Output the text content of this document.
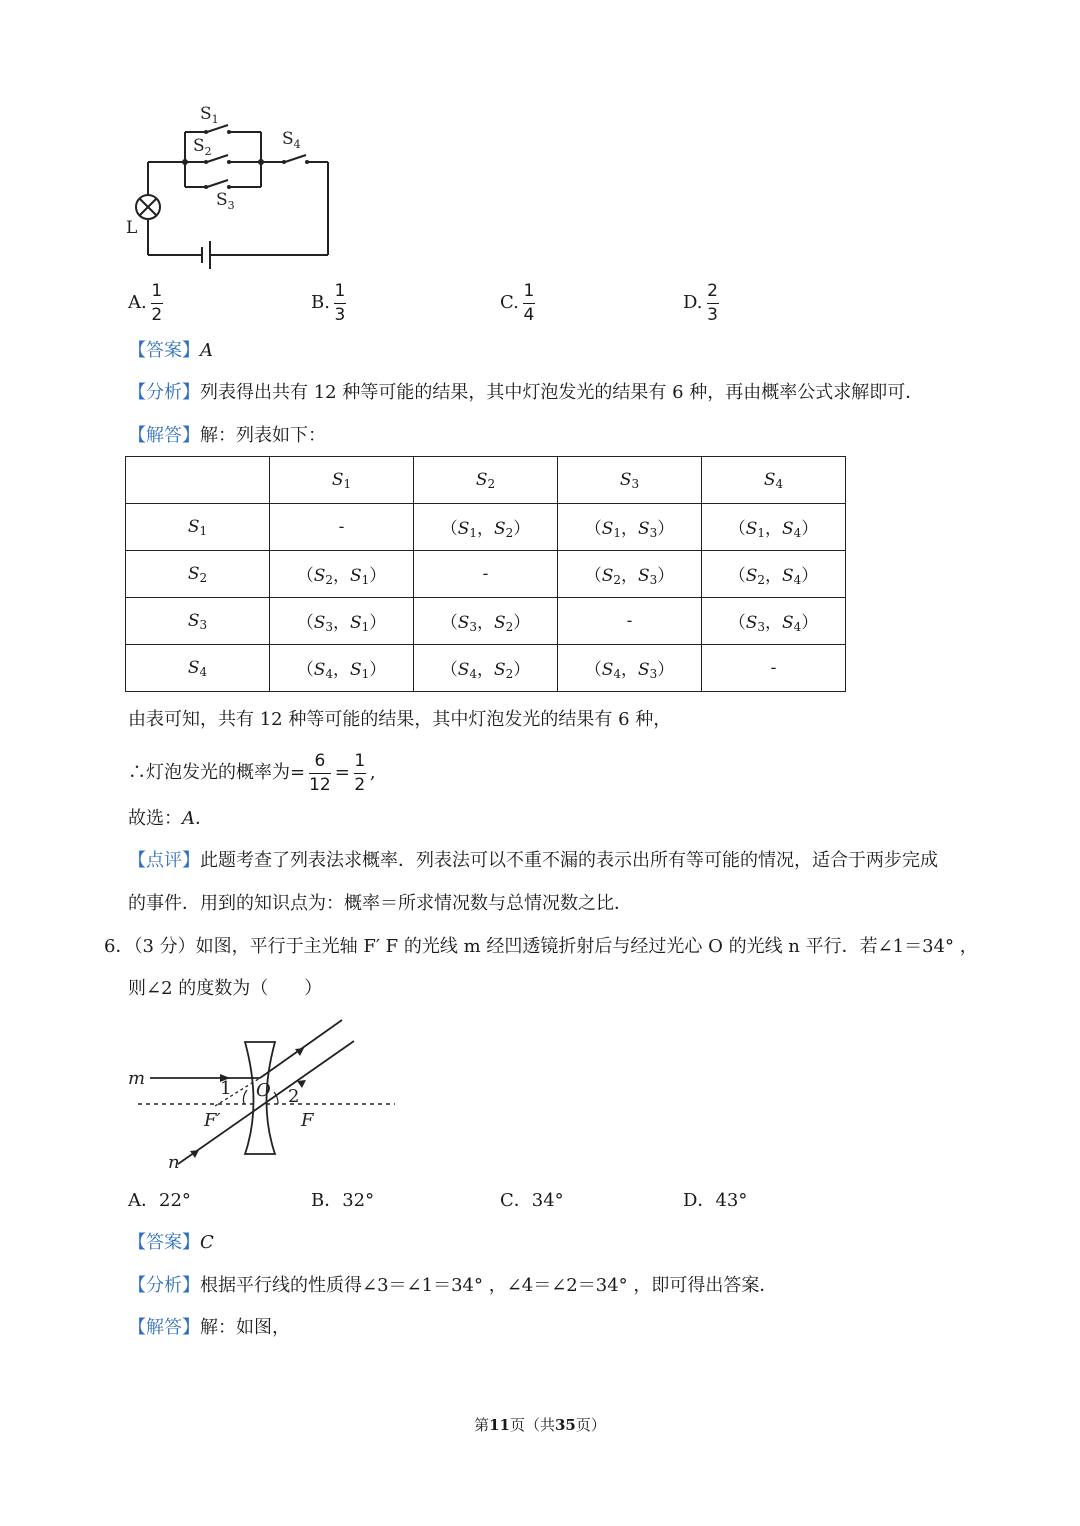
$S_1$
$S_2$
$S_3$
$S_4$
L
A. $\frac{1}{2}$	B. $\frac{1}{3}$	C. $\frac{1}{4}$	D. $\frac{2}{3}$
【答案】A
【分析】列表得出共有 12 种等可能的结果，其中灯泡发光的结果有 6 种，再由概率公式求解即可．
【解答】解：列表如下：
	$S_1$	$S_2$	$S_3$	$S_4$
$S_1$	-	（$S_1$，$S_2$）	（$S_1$，$S_3$）	（$S_1$，$S_4$）
$S_2$	（$S_2$，$S_1$）	-	（$S_2$，$S_3$）	（$S_2$，$S_4$）
$S_3$	（$S_3$，$S_1$）	（$S_3$，$S_2$）	-	（$S_3$，$S_4$）
$S_4$	（$S_4$，$S_1$）	（$S_4$，$S_2$）	（$S_4$，$S_3$）	-
由表可知，共有 12 种等可能的结果，其中灯泡发光的结果有 6 种，
∴灯泡发光的概率为= $\frac{6}{12} = \frac{1}{2}$ ,
故选：A．
【点评】此题考查了列表法求概率．列表法可以不重不漏的表示出所有等可能的情况，适合于两步完成
的事件．用到的知识点为：概率＝所求情况数与总情况数之比．
6．（3 分）如图，平行于主光轴 F′ F 的光线 m 经凹透镜折射后与经过光心 O 的光线 n 平行．若∠1＝34° ，
则∠2 的度数为（　　）
m	1 O 2
F′	F
n
A． 22°	B． 32°	C． 34°	D． 43°
【答案】C
【分析】根据平行线的性质得∠3＝∠1＝34° ，∠4＝∠2＝34° ，即可得出答案．
【解答】解：如图，
第11页（共35页）
